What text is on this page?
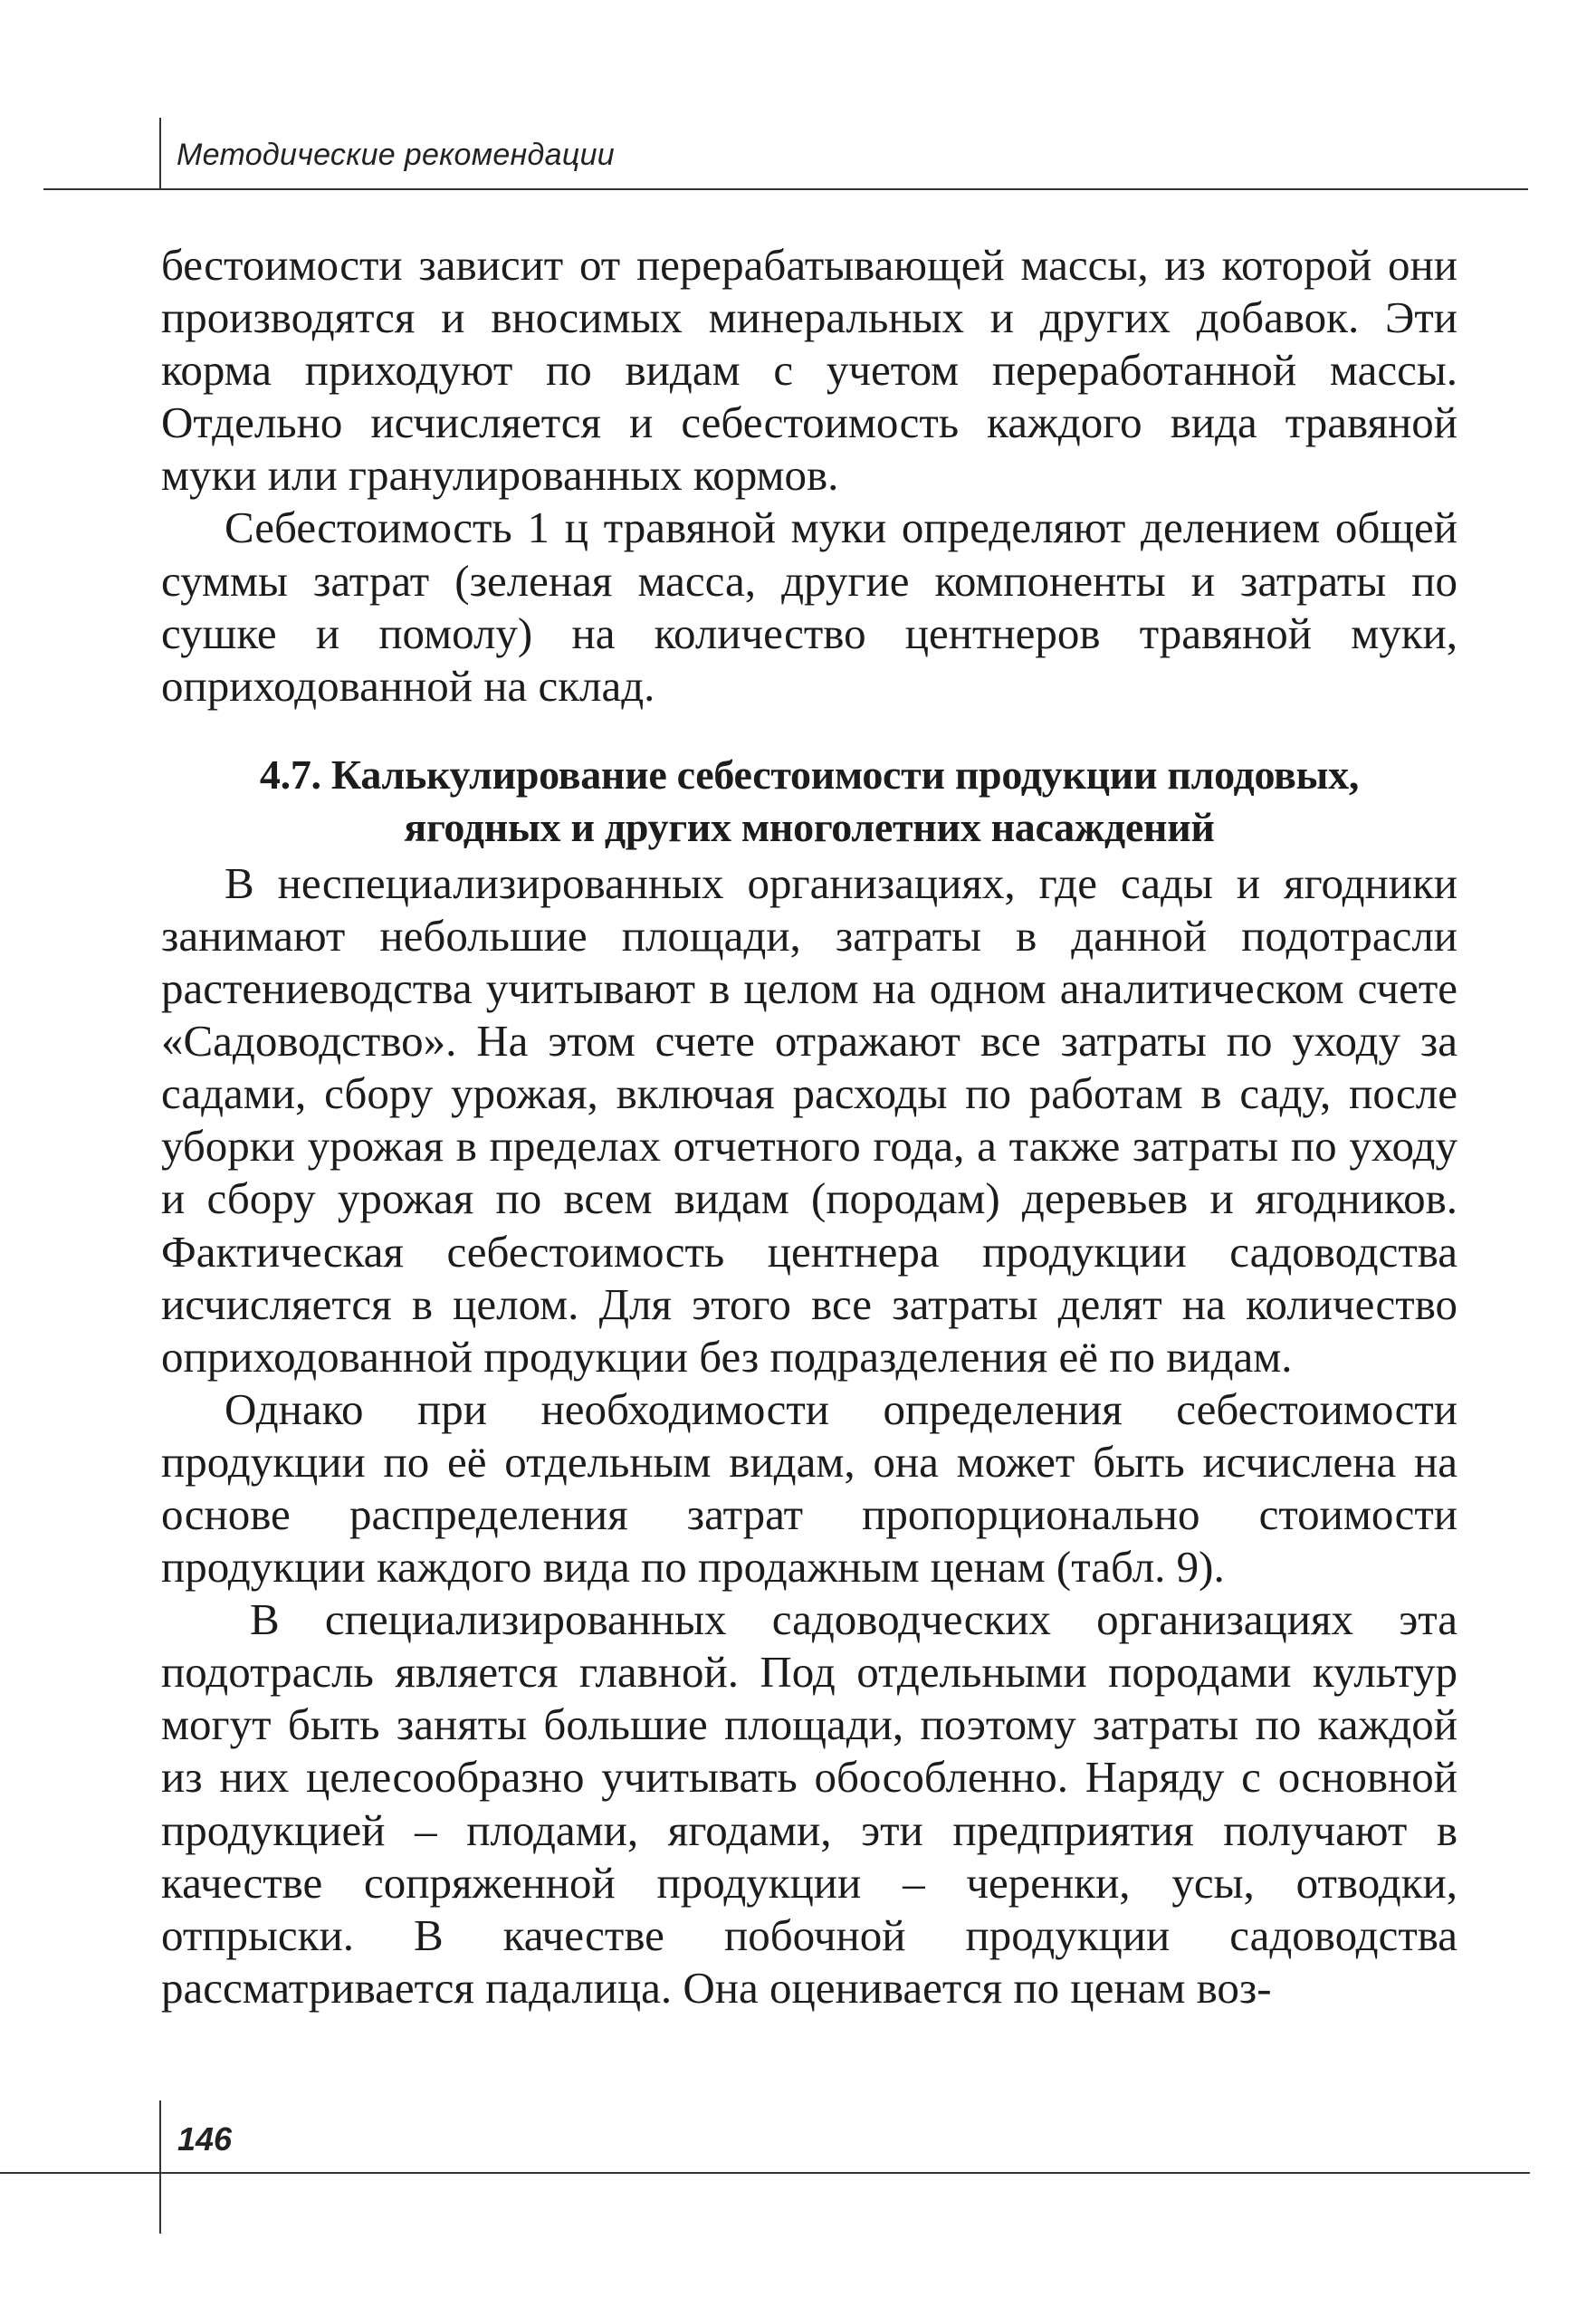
Методические рекомендации

бестоимости зависит от перерабатывающей массы, из которой они производятся и вносимых минеральных и других добавок. Эти корма приходуют по видам с учетом переработанной массы. Отдельно исчисляется и себестоимость каждого вида травяной муки или гранулированных кормов.

Себестоимость 1 ц травяной муки определяют делением общей суммы затрат (зеленая масса, другие компоненты и затраты по сушке и помолу) на количество центнеров травяной муки, оприходованной на склад.

4.7. Калькулирование себестоимости продукции плодовых,
ягодных и других многолетних насаждений

В неспециализированных организациях, где сады и ягодники занимают небольшие площади, затраты в данной подотрасли растениеводства учитывают в целом на одном аналитическом счете «Садоводство». На этом счете отражают все затраты по уходу за садами, сбору урожая, включая расходы по работам в саду, после уборки урожая в пределах отчетного года, а также затраты по уходу и сбору урожая по всем видам (породам) деревьев и ягодников. Фактическая себестоимость центнера продукции садоводства исчисляется в целом. Для этого все затраты делят на количество оприходованной продукции без подразделения её по видам.

Однако при необходимости определения себестоимости продукции по её отдельным видам, она может быть исчислена на основе распределения затрат пропорционально стоимости продукции каждого вида по продажным ценам (табл. 9).

В специализированных садоводческих организациях эта подотрасль является главной. Под отдельными породами культур могут быть заняты большие площади, поэтому затраты по каждой из них целесообразно учитывать обособленно. Наряду с основной продукцией – плодами, ягодами, эти предприятия получают в качестве сопряженной продукции – черенки, усы, отводки, отпрыски. В качестве побочной продукции садоводства рассматривается падалица. Она оценивается по ценам воз-

146
